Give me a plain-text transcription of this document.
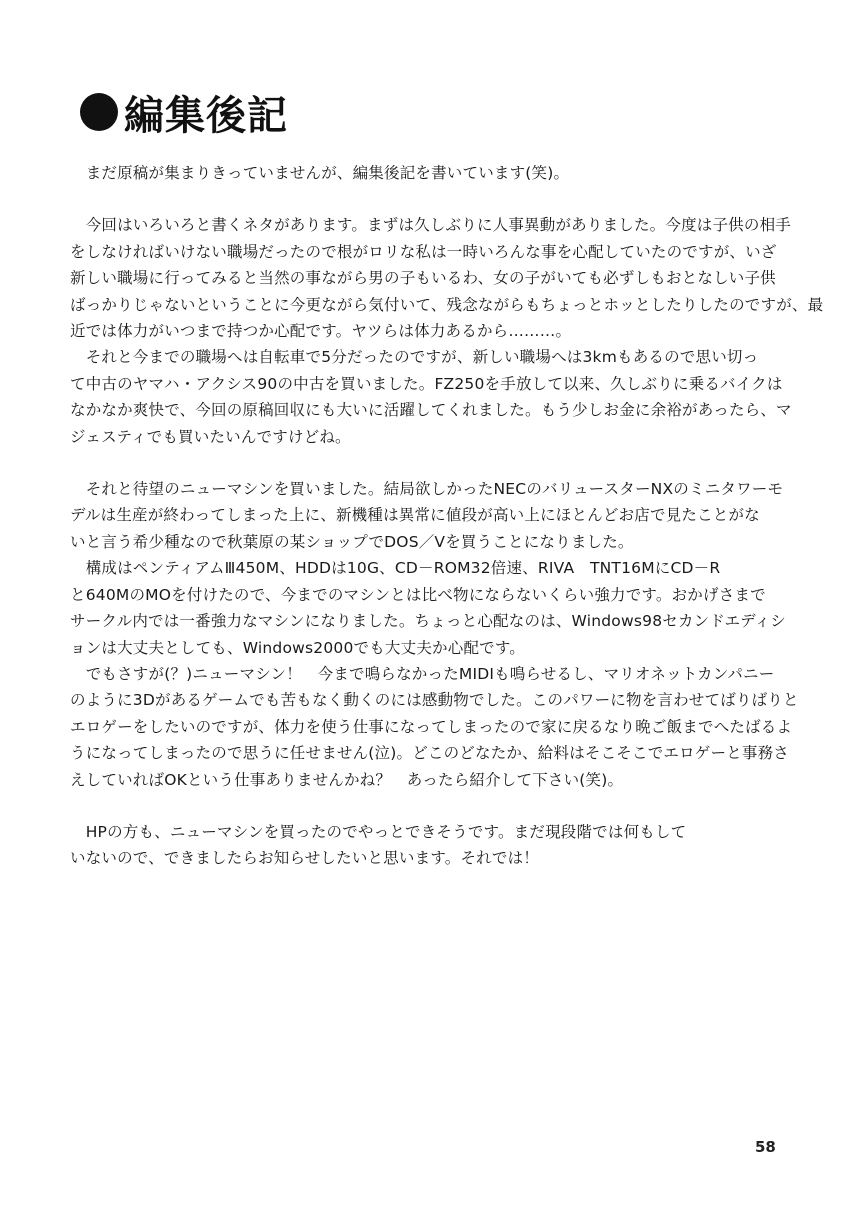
編集後記
　まだ原稿が集まりきっていませんが、編集後記を書いています(笑)。
　今回はいろいろと書くネタがあります。まずは久しぶりに人事異動がありました。今度は子供の相手
をしなければいけない職場だったので根がロリな私は一時いろんな事を心配していたのですが、いざ
新しい職場に行ってみると当然の事ながら男の子もいるわ、女の子がいても必ずしもおとなしい子供
ばっかりじゃないということに今更ながら気付いて、残念ながらもちょっとホッとしたりしたのですが、最
近では体力がいつまで持つか心配です。ヤツらは体力あるから………。
　それと今までの職場へは自転車で5分だったのですが、新しい職場へは3kmもあるので思い切っ
て中古のヤマハ・アクシス90の中古を買いました。FZ250を手放して以来、久しぶりに乗るバイクは
なかなか爽快で、今回の原稿回収にも大いに活躍してくれました。もう少しお金に余裕があったら、マ
ジェスティでも買いたいんですけどね。
　それと待望のニューマシンを買いました。結局欲しかったNECのバリュースターNXのミニタワーモ
デルは生産が終わってしまった上に、新機種は異常に値段が高い上にほとんどお店で見たことがな
いと言う希少種なので秋葉原の某ショップでDOS／Vを買うことになりました。
　構成はペンティアムⅢ450M、HDDは10G、CD－ROM32倍速、RIVA　TNT16MにCD－R
と640MのMOを付けたので、今までのマシンとは比べ物にならないくらい強力です。おかげさまで
サークル内では一番強力なマシンになりました。ちょっと心配なのは、Windows98セカンドエディシ
ョンは大丈夫としても、Windows2000でも大丈夫か心配です。
　でもさすが(？)ニューマシン！　今まで鳴らなかったMIDIも鳴らせるし、マリオネットカンパニー
のように3Dがあるゲームでも苦もなく動くのには感動物でした。このパワーに物を言わせてばりばりと
エロゲーをしたいのですが、体力を使う仕事になってしまったので家に戻るなり晩ご飯までへたばるよ
うになってしまったので思うに任せません(泣)。どこのどなたか、給料はそこそこでエロゲーと事務さ
えしていればOKという仕事ありませんかね？　あったら紹介して下さい(笑)。
　HPの方も、ニューマシンを買ったのでやっとできそうです。まだ現段階では何もして
いないので、できましたらお知らせしたいと思います。それでは！
58
